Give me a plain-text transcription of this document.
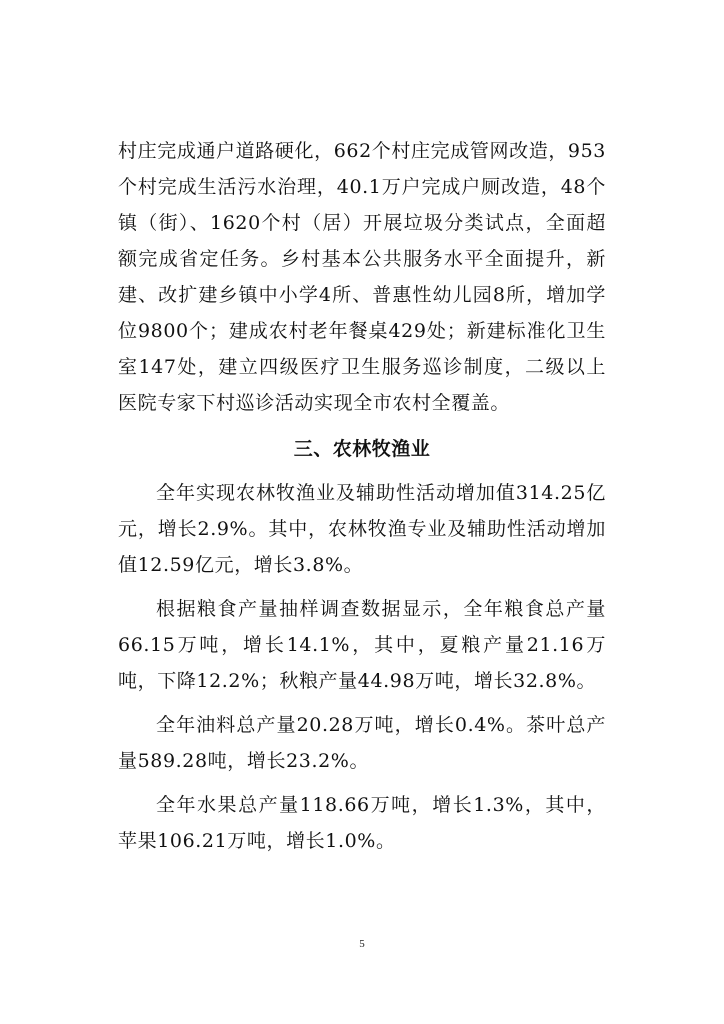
村庄完成通户道路硬化，662个村庄完成管网改造，953个村完成生活污水治理，40.1万户完成户厕改造，48个镇（街）、1620个村（居）开展垃圾分类试点，全面超额完成省定任务。乡村基本公共服务水平全面提升，新建、改扩建乡镇中小学4所、普惠性幼儿园8所，增加学位9800个；建成农村老年餐桌429处；新建标准化卫生室147处，建立四级医疗卫生服务巡诊制度，二级以上医院专家下村巡诊活动实现全市农村全覆盖。

三、农林牧渔业

全年实现农林牧渔业及辅助性活动增加值314.25亿元，增长2.9%。其中，农林牧渔专业及辅助性活动增加值12.59亿元，增长3.8%。

根据粮食产量抽样调查数据显示，全年粮食总产量66.15万吨，增长14.1%，其中，夏粮产量21.16万吨，下降12.2%；秋粮产量44.98万吨，增长32.8%。

全年油料总产量20.28万吨，增长0.4%。茶叶总产量589.28吨，增长23.2%。

全年水果总产量118.66万吨，增长1.3%，其中，苹果106.21万吨，增长1.0%。

5
